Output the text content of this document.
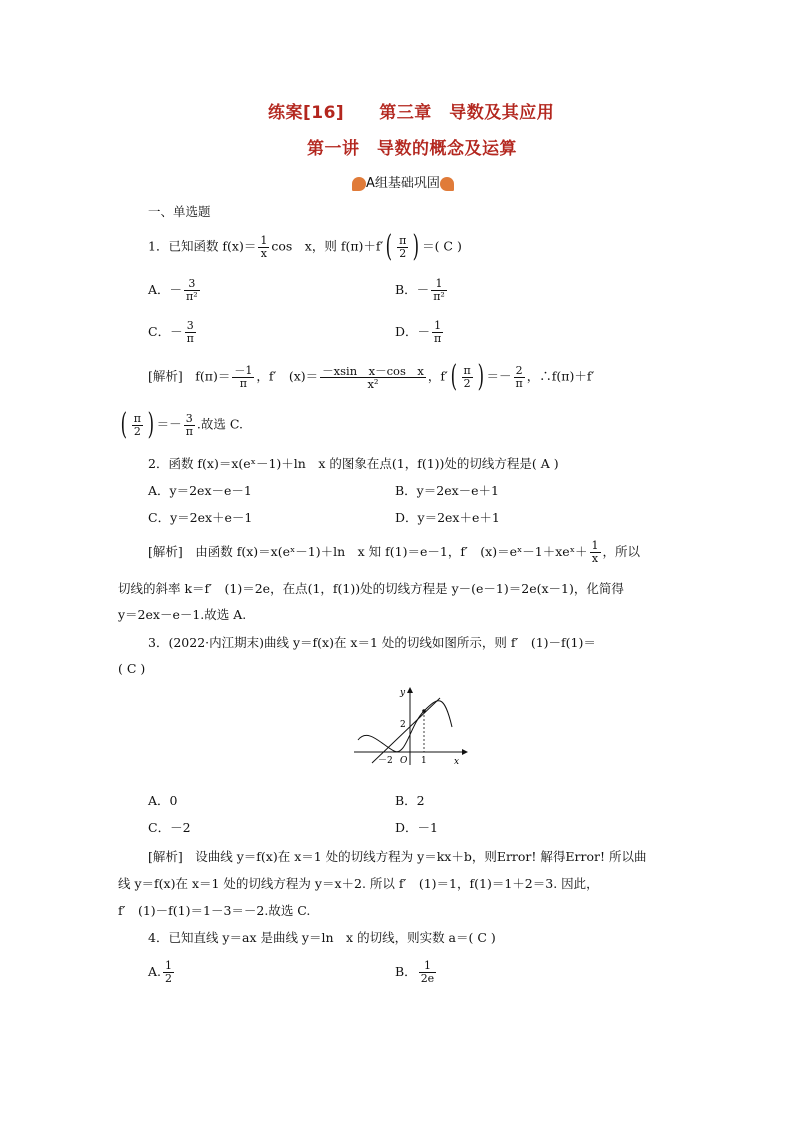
练案[16]　　第三章　导数及其应用
第一讲　导数的概念及运算
A组基础巩固
一、单选题
1．已知函数 $f(x)= \frac{1}{x}$ cos　x，则 $f(\pi)+f'( \frac{\pi}{2}$ ) ＝( C )
A．－ $\frac{3}{\text{π²}}$	B．－ $\frac{1}{\text{π²}}$
C．－ $\frac{3}{\pi}$	D．－ $\frac{1}{\pi}$
[解析]　$f(\pi)= \frac{-1}{\pi}$ ，f′　$(x)= \frac{\text{－xsin　x－cos　x}}{\text{x²}}$ ，$f'( \frac{\pi}{2}$ ) ＝－ $\frac{2}{\pi}$ ，∴f(π)＋f′
( $\frac{\pi}{2}$ ) ＝－ $\frac{3}{\pi}$ .故选 C.
2．函数 f(x)＝x(eˣ－1)＋ln　x 的图象在点(1，f(1))处的切线方程是( A )
A．y＝2ex－e－1	B．y＝2ex－e＋1
C．y＝2ex＋e－1	D．y＝2ex＋e＋1
[解析]　由函数 f(x)＝x(eˣ－1)＋ln　x 知 f(1)＝e－1，f′　(x)＝eˣ－1＋xeˣ＋ $\frac{1}{x}$ ，所以
切线的斜率 k＝f′　(1)＝2e，在点(1，f(1))处的切线方程是 y－(e－1)＝2e(x－1)，化简得
y＝2ex－e－1.故选 A.
3．(2022·内江期末)曲线 y＝f(x)在 x＝1 处的切线如图所示，则 f′　(1)－f(1)＝
( C )
y
x
2
O
－2	1
A．0	B．2
C．－2	D．－1
[解析]　设曲线 y＝f(x)在 x＝1 处的切线方程为 y＝kx＋b，则Error! 解得Error! 所以曲
线 y＝f(x)在 x＝1 处的切线方程为 y＝x＋2. 所以 f′　(1)＝1，f(1)＝1＋2＝3. 因此，
f′　(1)－f(1)＝1－3＝－2.故选 C.
4．已知直线 y＝ax 是曲线 y＝ln　x 的切线，则实数 a＝( C )
A. $\frac{1}{2}$	B． $\frac{1}{2e}$
